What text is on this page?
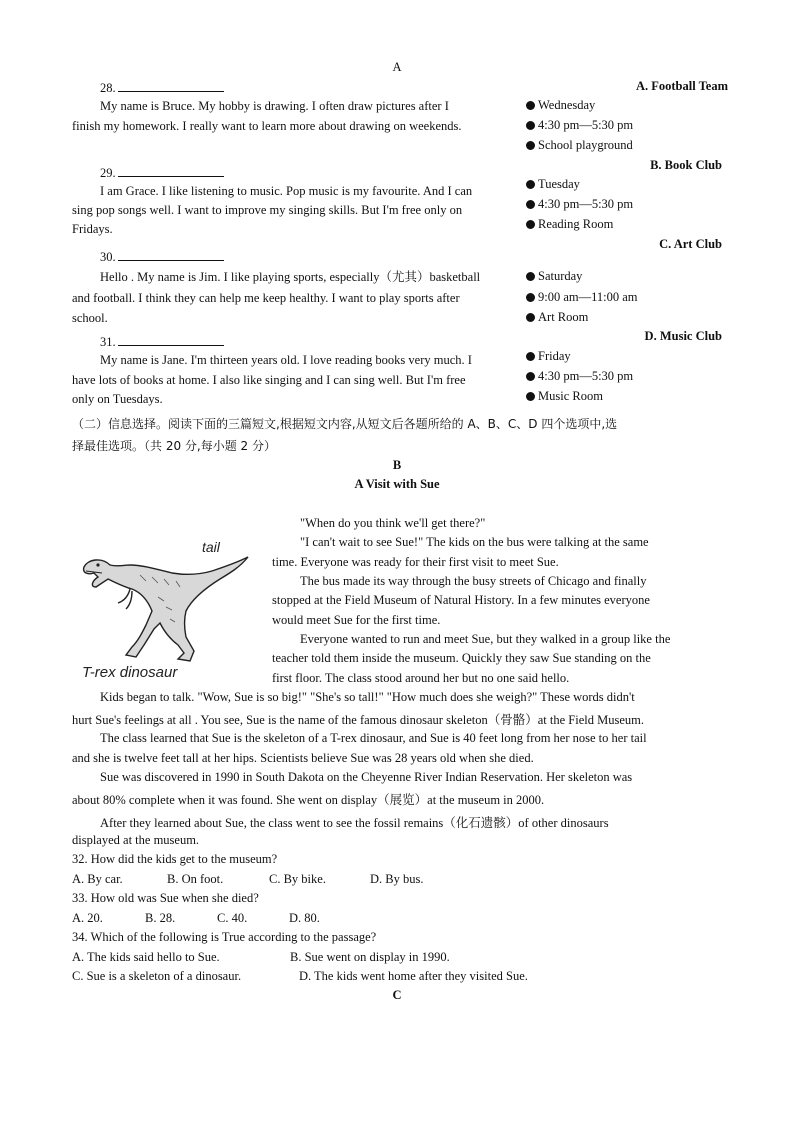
A
28.
My name is Bruce. My hobby is drawing. I often draw pictures after I
finish my homework. I really want to learn more about drawing on weekends.
29.
I am Grace. I like listening to music. Pop music is my favourite. And I can
sing pop songs well. I want to improve my singing skills. But I'm free only on
Fridays.
30.
Hello . My name is Jim. I like playing sports, especially（尤其）basketball
and football. I think they can help me keep healthy. I want to play sports after
school.
31.
My name is Jane. I'm thirteen years old. I love reading books very much. I
have lots of books at home. I also like singing and I can sing well. But I'm free
only on Tuesdays.
A. Football Team
Wednesday
4:30 pm—5:30 pm
School playground
B. Book Club
Tuesday
4:30 pm—5:30 pm
Reading Room
C. Art Club
Saturday
9:00 am—11:00 am
Art Room
D. Music Club
Friday
4:30 pm—5:30 pm
Music Room
（二）信息选择。阅读下面的三篇短文,根据短文内容,从短文后各题所给的 A、B、C、D 四个选项中,选
择最佳选项。（共 20 分,每小题 2 分）
B
A Visit with Sue
tail
T-rex dinosaur
"When do you think we'll get there?"
"I can't wait to see Sue!" The kids on the bus were talking at the same
time. Everyone was ready for their first visit to meet Sue.
The bus made its way through the busy streets of Chicago and finally
stopped at the Field Museum of Natural History. In a few minutes everyone
would meet Sue for the first time.
Everyone wanted to run and meet Sue, but they walked in a group like the
teacher told them inside the museum. Quickly they saw Sue standing on the
first floor. The class stood around her but no one said hello.
Kids began to talk. "Wow, Sue is so big!" "She's so tall!" "How much does she weigh?" These words didn't
hurt Sue's feelings at all . You see, Sue is the name of the famous dinosaur skeleton（骨骼）at the Field Museum.
The class learned that Sue is the skeleton of a T-rex dinosaur, and Sue is 40 feet long from her nose to her tail
and she is twelve feet tall at her hips. Scientists believe Sue was 28 years old when she died.
Sue was discovered in 1990 in South Dakota on the Cheyenne River Indian Reservation. Her skeleton was
about 80% complete when it was found. She went on display（展览）at the museum in 2000.
After they learned about Sue, the class went to see the fossil remains（化石遗骸）of other dinosaurs
displayed at the museum.
32. How did the kids get to the museum?
A. By car.	B. On foot.	C. By bike.	D. By bus.
33. How old was Sue when she died?
A. 20.	B. 28.	C. 40.	D. 80.
34. Which of the following is True according to the passage?
A. The kids said hello to Sue.	B. Sue went on display in 1990.
C. Sue is a skeleton of a dinosaur.	D. The kids went home after they visited Sue.
C
